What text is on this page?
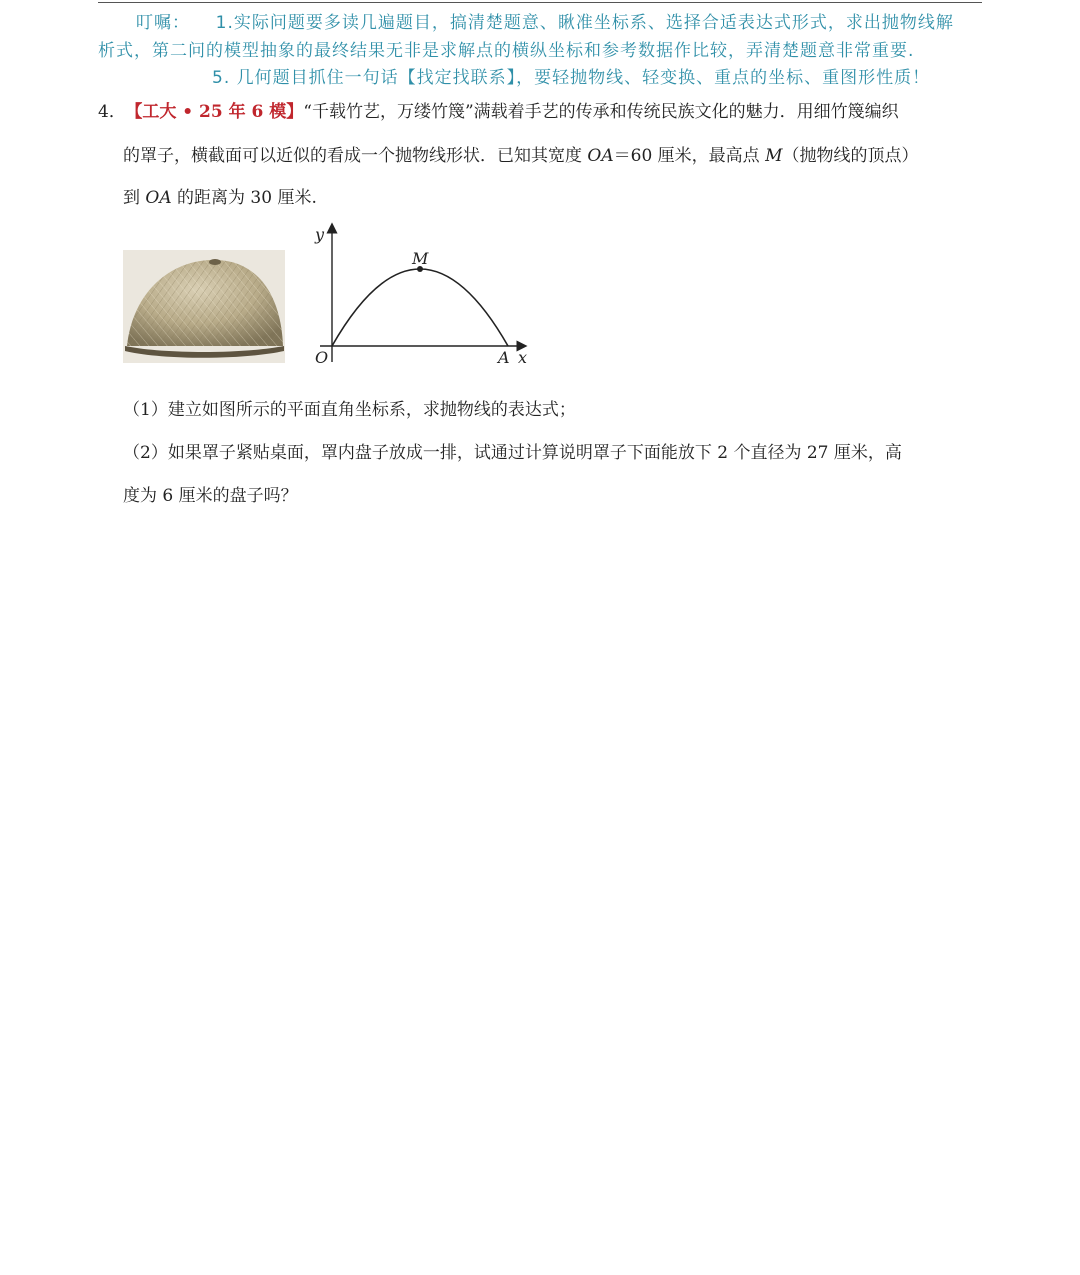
叮嘱： 1.实际问题要多读几遍题目，搞清楚题意、瞅准坐标系、选择合适表达式形式，求出抛物线解
析式，第二问的模型抽象的最终结果无非是求解点的横纵坐标和参考数据作比较，弄清楚题意非常重要.
5. 几何题目抓住一句话【找定找联系】，要轻抛物线、轻变换、重点的坐标、重图形性质！
4． 【工大 • 25 年 6 模】“千载竹艺，万缕竹篾”满载着手艺的传承和传统民族文化的魅力．用细竹篾编织
的罩子，横截面可以近似的看成一个抛物线形状．已知其宽度 OA＝60 厘米，最高点 M（抛物线的顶点）
到 OA 的距离为 30 厘米.
y
x
O	A
M
（1）建立如图所示的平面直角坐标系，求抛物线的表达式；
（2）如果罩子紧贴桌面，罩内盘子放成一排，试通过计算说明罩子下面能放下 2 个直径为 27 厘米，高
度为 6 厘米的盘子吗？
